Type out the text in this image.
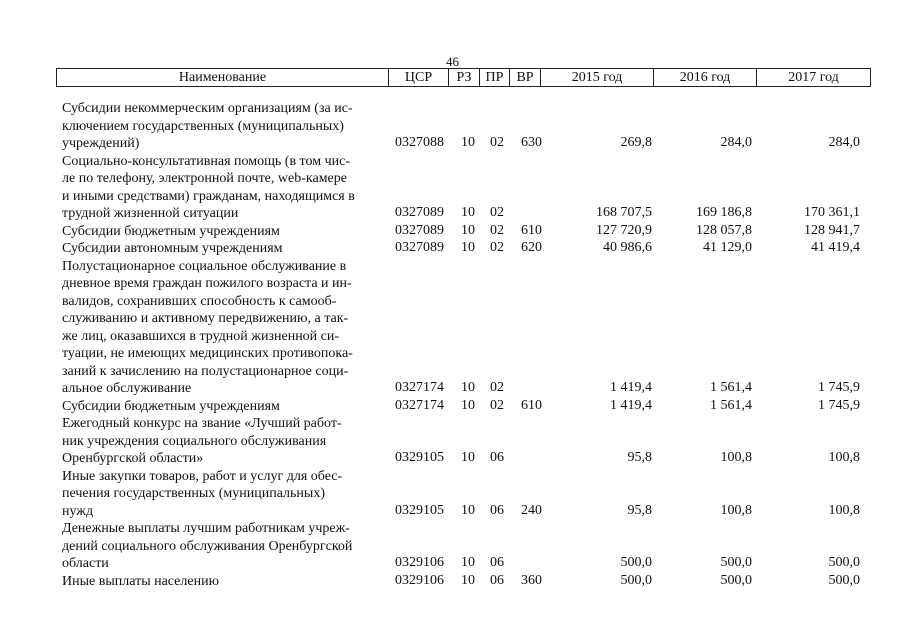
46
Наименование	ЦСР	РЗ	ПР ВР	2015 год	2016 год	2017 год
Субсидии некоммерческим организациям (за ис-
ключением государственных (муниципальных)
учреждений)	0327088 10 02 630	269,8	284,0	284,0
Социально-консультативная помощь (в том чис-
ле по телефону, электронной почте, web-камере
и иными средствами) гражданам, находящимся в
трудной жизненной ситуации	0327089 10 02	168 707,5	169 186,8	170 361,1
Субсидии бюджетным учреждениям	0327089 10 02 610	127 720,9	128 057,8	128 941,7
Субсидии автономным учреждениям	0327089 10 02 620	40 986,6	41 129,0	41 419,4
Полустационарное социальное обслуживание в
дневное время граждан пожилого возраста и ин-
валидов, сохранивших способность к самооб-
служиванию и активному передвижению, а так-
же лиц, оказавшихся в трудной жизненной си-
туации, не имеющих медицинских противопока-
заний к зачислению на полустационарное соци-
альное обслуживание	0327174 10 02	1 419,4	1 561,4	1 745,9
Субсидии бюджетным учреждениям	0327174 10 02 610	1 419,4	1 561,4	1 745,9
Ежегодный конкурс на звание «Лучший работ-
ник учреждения социального обслуживания
Оренбургской области»	0329105 10 06	95,8	100,8	100,8
Иные закупки товаров, работ и услуг для обес-
печения государственных (муниципальных)
нужд	0329105 10 06 240	95,8	100,8	100,8
Денежные выплаты лучшим работникам учреж-
дений социального обслуживания Оренбургской
области	0329106 10 06	500,0	500,0	500,0
Иные выплаты населению	0329106 10 06 360	500,0	500,0	500,0
